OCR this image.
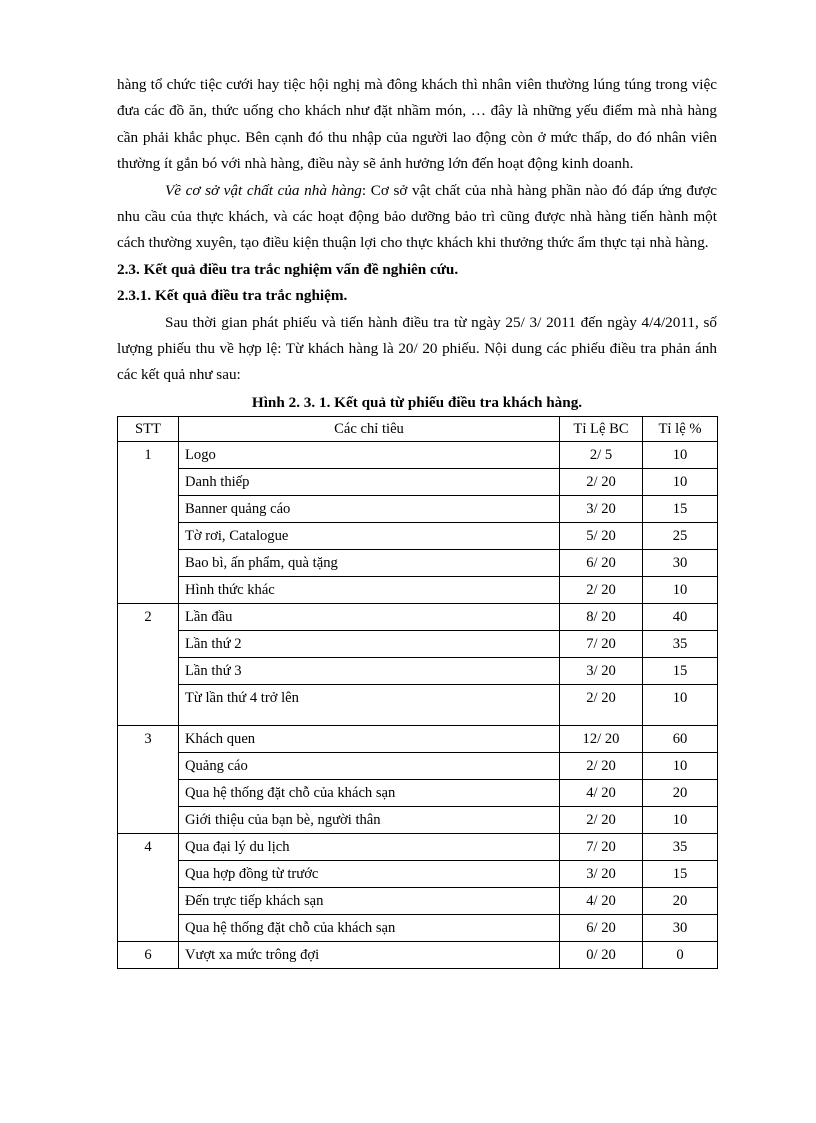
hàng tổ chức tiệc cưới hay tiệc hội nghị mà đông khách thì nhân viên thường lúng túng trong việc đưa các đồ ăn, thức uống cho khách như đặt nhầm món, … đây là những yếu điểm mà nhà hàng cần phải khắc phục. Bên cạnh đó thu nhập của người lao động còn ở mức thấp, do đó nhân viên thường ít gắn bó với nhà hàng, điều này sẽ ảnh hưởng lớn đến hoạt động kinh doanh.

Về cơ sở vật chất của nhà hàng: Cơ sở vật chất của nhà hàng phần nào đó đáp ứng được nhu cầu của thực khách, và các hoạt động bảo dưỡng bảo trì cũng được nhà hàng tiến hành một cách thường xuyên, tạo điều kiện thuận lợi cho thực khách khi thưởng thức ẩm thực tại nhà hàng.

2.3. Kết quả điều tra trắc nghiệm vấn đề nghiên cứu.
2.3.1. Kết quả điều tra trắc nghiệm.

Sau thời gian phát phiếu và tiến hành điều tra từ ngày 25/ 3/ 2011 đến ngày 4/4/2011, số lượng phiếu thu về hợp lệ: Từ khách hàng là 20/ 20 phiếu. Nội dung các phiếu điều tra phản ánh các kết quả như sau:

Hình 2. 3. 1. Kết quả từ phiếu điều tra khách hàng.
STT	Các chỉ tiêu	Tỉ Lệ BC	Tỉ lệ %
1	Logo	2/ 5	10
	Danh thiếp	2/ 20	10
	Banner quảng cáo	3/ 20	15
	Tờ rơi, Catalogue	5/ 20	25
	Bao bì, ấn phẩm, quà tặng	6/ 20	30
	Hình thức khác	2/ 20	10
2	Lần đầu	8/ 20	40
	Lần thứ 2	7/ 20	35
	Lần thứ 3	3/ 20	15
	Từ lần thứ 4 trở lên	2/ 20	10
3	Khách quen	12/ 20	60
	Quảng cáo	2/ 20	10
	Qua hệ thống đặt chỗ của khách sạn	4/ 20	20
	Giới thiệu của bạn bè, người thân	2/ 20	10
4	Qua đại lý du lịch	7/ 20	35
	Qua hợp đồng từ trước	3/ 20	15
	Đến trực tiếp khách sạn	4/ 20	20
	Qua hệ thống đặt chỗ của khách sạn	6/ 20	30
6	Vượt xa mức trông đợi	0/ 20	0
